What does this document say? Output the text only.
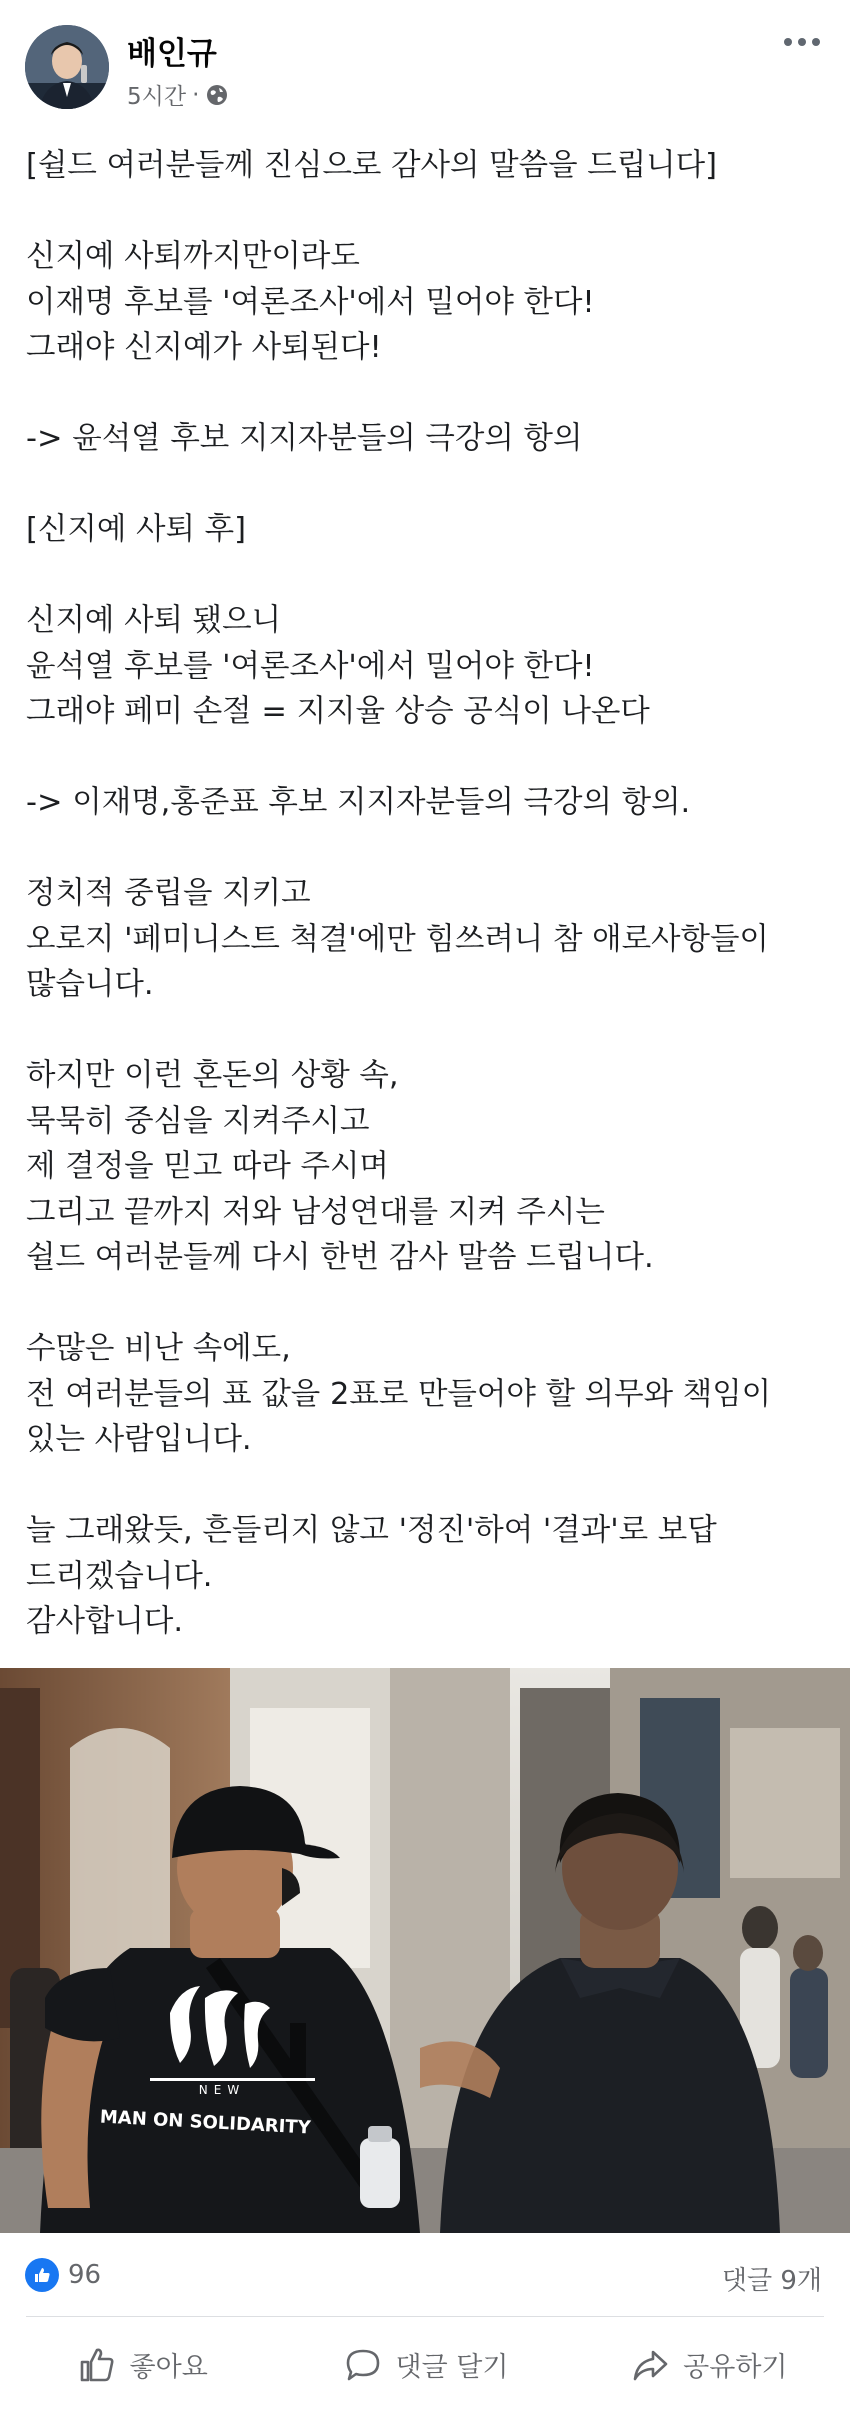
배인규
5시간 ·
[쉴드 여러분들께 진심으로 감사의 말씀을 드립니다]
신지예 사퇴까지만이라도
이재명 후보를 '여론조사'에서 밀어야 한다!
그래야 신지예가 사퇴된다!
-> 윤석열 후보 지지자분들의 극강의 항의
[신지예 사퇴 후]
신지예 사퇴 됐으니
윤석열 후보를 '여론조사'에서 밀어야 한다!
그래야 페미 손절 = 지지율 상승 공식이 나온다
-> 이재명,홍준표 후보 지지자분들의 극강의 항의.
정치적 중립을 지키고
오로지 '페미니스트 척결'에만 힘쓰려니 참 애로사항들이
많습니다.
하지만 이런 혼돈의 상황 속,
묵묵히 중심을 지켜주시고
제 결정을 믿고 따라 주시며
그리고 끝까지 저와 남성연대를 지켜 주시는
쉴드 여러분들께 다시 한번 감사 말씀 드립니다.
수많은 비난 속에도,
전 여러분들의 표 값을 2표로 만들어야 할 의무와 책임이
있는 사람입니다.
늘 그래왔듯, 흔들리지 않고 '정진'하여 '결과'로 보답
드리겠습니다.
감사합니다.
NEW
MAN ON SOLIDARITY
96	댓글 9개
좋아요	댓글 달기	공유하기
